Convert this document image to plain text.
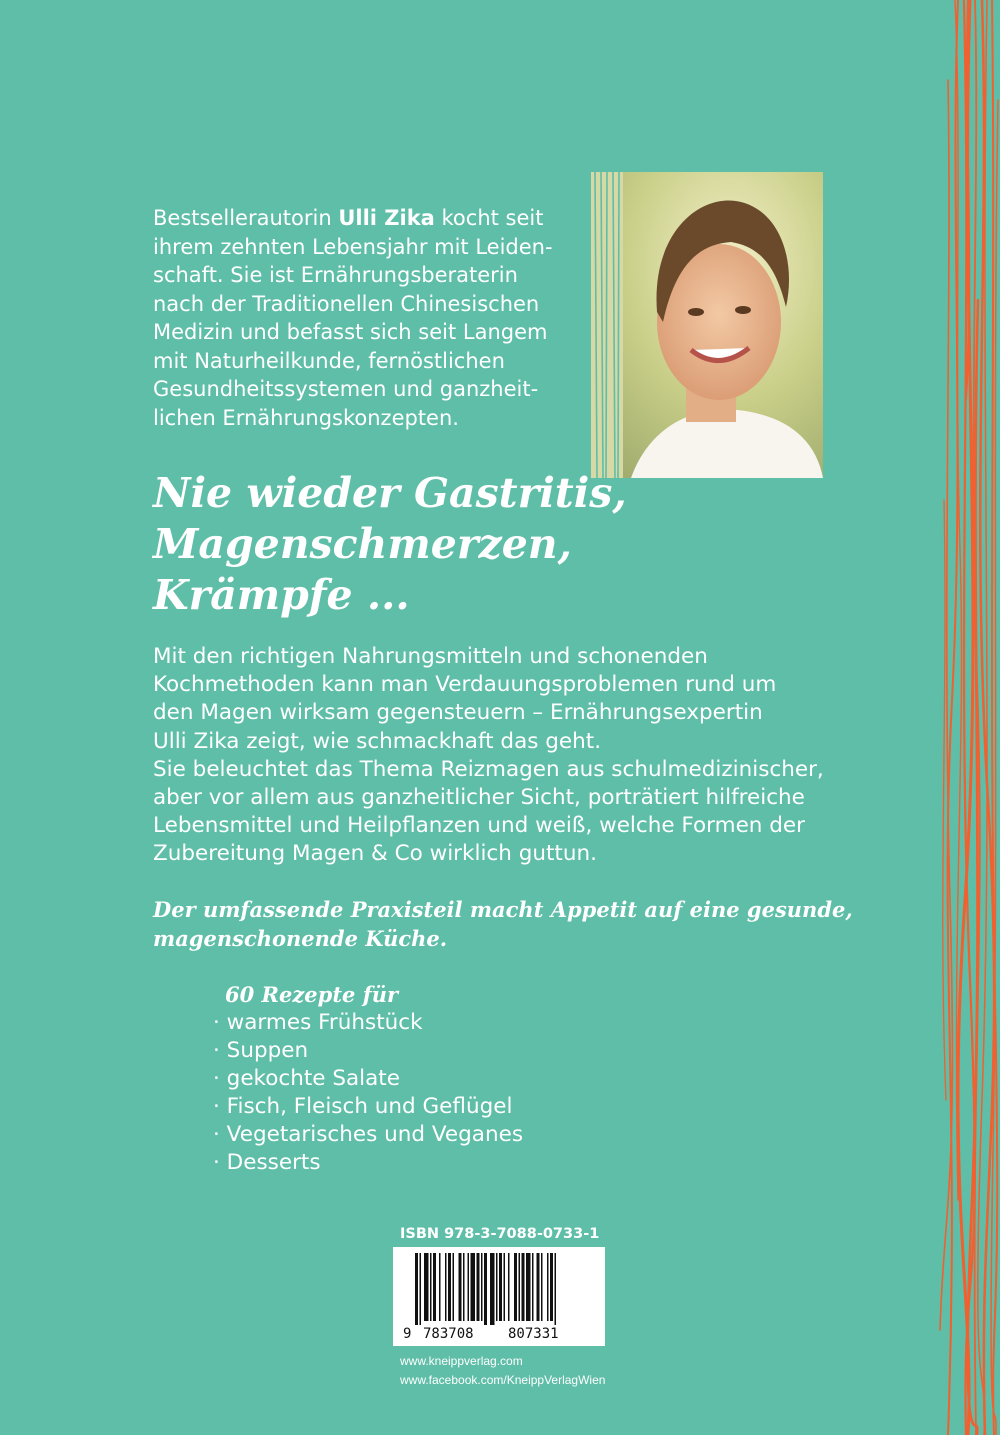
Bestsellerautorin Ulli Zika kocht seit
ihrem zehnten Lebensjahr mit Leiden-
schaft. Sie ist Ernährungsberaterin
nach der Traditionellen Chinesischen
Medizin und befasst sich seit Langem
mit Naturheilkunde, fernöstlichen
Gesundheitssystemen und ganzheit-
lichen Ernährungskonzepten.

Nie wieder Gastritis,
Magenschmerzen,
Krämpfe ...

Mit den richtigen Nahrungsmitteln und schonenden
Kochmethoden kann man Verdauungsproblemen rund um
den Magen wirksam gegensteuern – Ernährungsexpertin
Ulli Zika zeigt, wie schmackhaft das geht.
Sie beleuchtet das Thema Reizmagen aus schulmedizinischer,
aber vor allem aus ganzheitlicher Sicht, porträtiert hilfreiche
Lebensmittel und Heilpflanzen und weiß, welche Formen der
Zubereitung Magen & Co wirklich guttun.

Der umfassende Praxisteil macht Appetit auf eine gesunde,
magenschonende Küche.

60 Rezepte für
· warmes Frühstück
· Suppen
· gekochte Salate
· Fisch, Fleisch und Geflügel
· Vegetarisches und Veganes
· Desserts
ISBN 978-3-7088-0733-1
9 783708 807331
www.kneippverlag.com
www.facebook.com/KneippVerlagWien
